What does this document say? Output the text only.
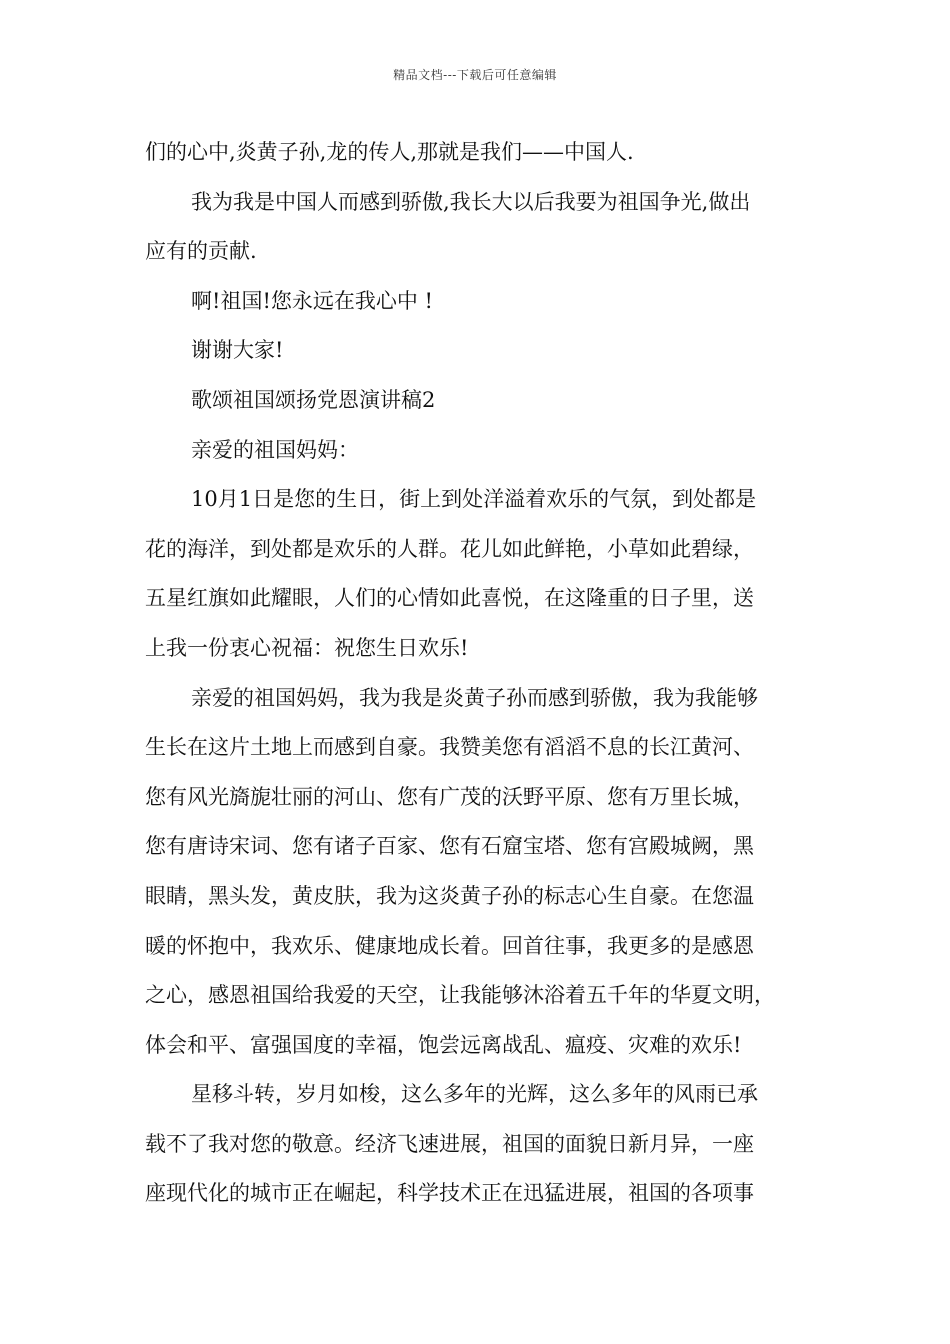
精品文档---下载后可任意编辑
们的心中,炎黄子孙,龙的传人,那就是我们——中国人.
我为我是中国人而感到骄傲,我长大以后我要为祖国争光,做出
应有的贡献.
啊!祖国!您永远在我心中 !
谢谢大家!
歌颂祖国颂扬党恩演讲稿2
亲爱的祖国妈妈：
10月1日是您的生日，街上到处洋溢着欢乐的气氛，到处都是
花的海洋，到处都是欢乐的人群。花儿如此鲜艳，小草如此碧绿，
五星红旗如此耀眼，人们的心情如此喜悦，在这隆重的日子里，送
上我一份衷心祝福：祝您生日欢乐!
亲爱的祖国妈妈，我为我是炎黄子孙而感到骄傲，我为我能够
生长在这片土地上而感到自豪。我赞美您有滔滔不息的长江黄河、
您有风光旖旎壮丽的河山、您有广茂的沃野平原、您有万里长城，
您有唐诗宋词、您有诸子百家、您有石窟宝塔、您有宫殿城阙，黑
眼睛，黑头发，黄皮肤，我为这炎黄子孙的标志心生自豪。在您温
暖的怀抱中，我欢乐、健康地成长着。回首往事，我更多的是感恩
之心，感恩祖国给我爱的天空，让我能够沐浴着五千年的华夏文明，
体会和平、富强国度的幸福，饱尝远离战乱、瘟疫、灾难的欢乐!
星移斗转，岁月如梭，这么多年的光辉，这么多年的风雨已承
载不了我对您的敬意。经济飞速进展，祖国的面貌日新月异，一座
座现代化的城市正在崛起，科学技术正在迅猛进展，祖国的各项事
